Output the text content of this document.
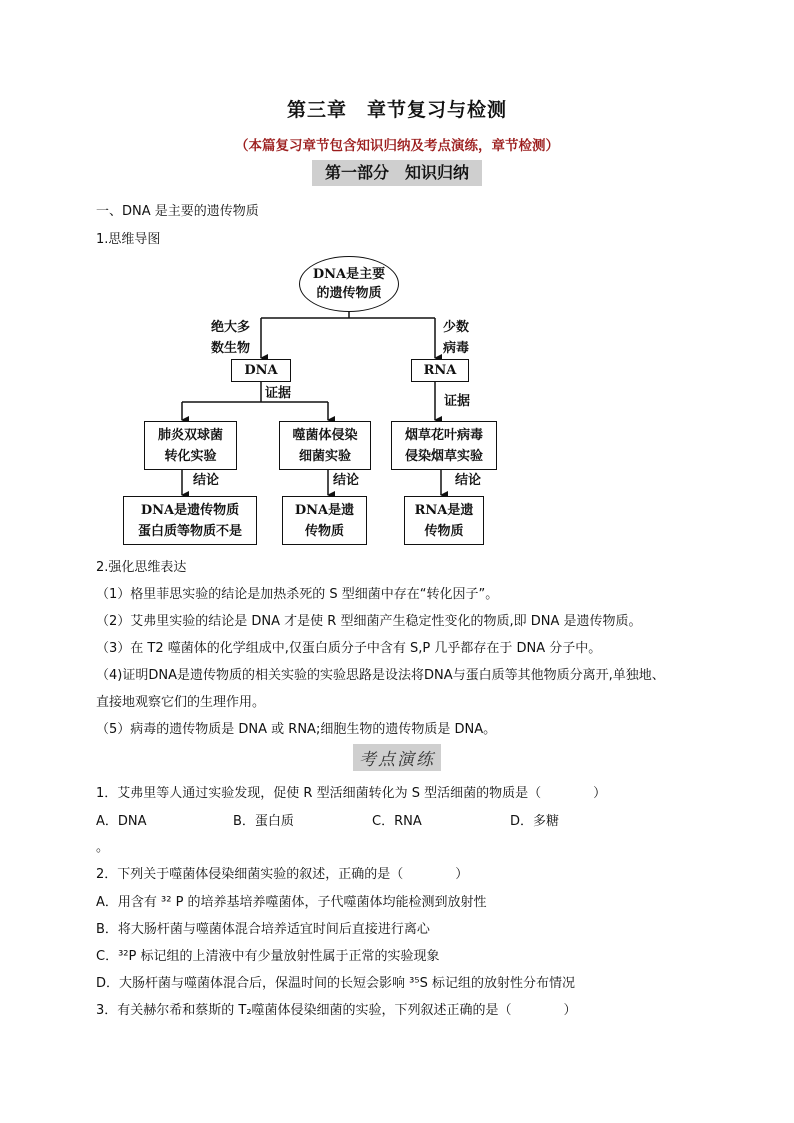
第三章　章节复习与检测
（本篇复习章节包含知识归纳及考点演练，章节检测）
第一部分　知识归纳
一、DNA 是主要的遗传物质
1.思维导图
DNA是主要
的遗传物质
绝大多
数生物
少数
病毒
DNA	RNA
证据
证据
肺炎双球菌
转化实验
噬菌体侵染
细菌实验
烟草花叶病毒
侵染烟草实验
结论	结论	结论
DNA是遗传物质
蛋白质等物质不是
DNA是遗
传物质
RNA是遗
传物质
2.强化思维表达
（1）格里菲思实验的结论是加热杀死的 S 型细菌中存在“转化因子”。
（2）艾弗里实验的结论是 DNA 才是使 R 型细菌产生稳定性变化的物质,即 DNA 是遗传物质。
（3）在 T2 噬菌体的化学组成中,仅蛋白质分子中含有 S,P 几乎都存在于 DNA 分子中。
（4)证明DNA是遗传物质的相关实验的实验思路是设法将DNA与蛋白质等其他物质分离开,单独地、
直接地观察它们的生理作用。
（5）病毒的遗传物质是 DNA 或 RNA;细胞生物的遗传物质是 DNA。
考点演练
1．艾弗里等人通过实验发现，促使 R 型活细菌转化为 S 型活细菌的物质是（　　　　）
A．DNA	B．蛋白质	C．RNA	D．多糖
。
2．下列关于噬菌体侵染细菌实验的叙述，正确的是（　　　　）
A．用含有 ³² P 的培养基培养噬菌体，子代噬菌体均能检测到放射性
B．将大肠杆菌与噬菌体混合培养适宜时间后直接进行离心
C．³²P 标记组的上清液中有少量放射性属于正常的实验现象
D．大肠杆菌与噬菌体混合后，保温时间的长短会影响 ³⁵S 标记组的放射性分布情况
3．有关赫尔希和蔡斯的 T₂噬菌体侵染细菌的实验，下列叙述正确的是（　　　　）
